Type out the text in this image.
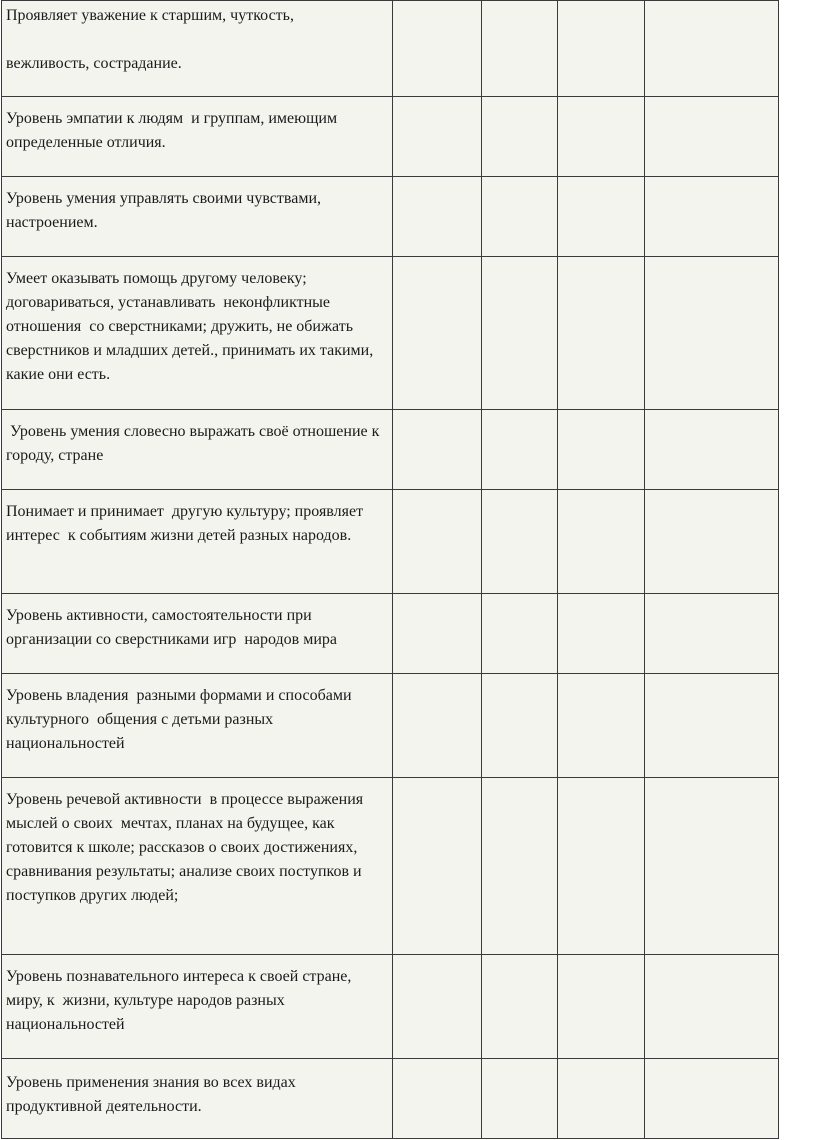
Проявляет уважение к старшим, чуткость,

вежливость, сострадание.				

Уровень эмпатии к людям  и группам, имеющим определенные отличия.				

Уровень умения управлять своими чувствами, настроением.				

Умеет оказывать помощь другому человеку; договариваться, устанавливать  неконфликтные отношения  со сверстниками; дружить, не обижать сверстников и младших детей., принимать их такими, какие они есть.				

Уровень умения словесно выражать своё отношение к городу, стране				

Понимает и принимает  другую культуру; проявляет интерес  к событиям жизни детей разных народов.				

Уровень активности, самостоятельности при организации со сверстниками игр  народов мира				

Уровень владения  разными формами и способами культурного  общения с детьми разных национальностей				

Уровень речевой активности  в процессе выражения мыслей о своих  мечтах, планах на будущее, как готовится к школе; рассказов о своих достижениях, сравнивания результаты; анализе своих поступков и поступков других людей;				

Уровень познавательного интереса к своей стране, миру, к  жизни, культуре народов разных национальностей				

Уровень применения знания во всех видах продуктивной деятельности.				
